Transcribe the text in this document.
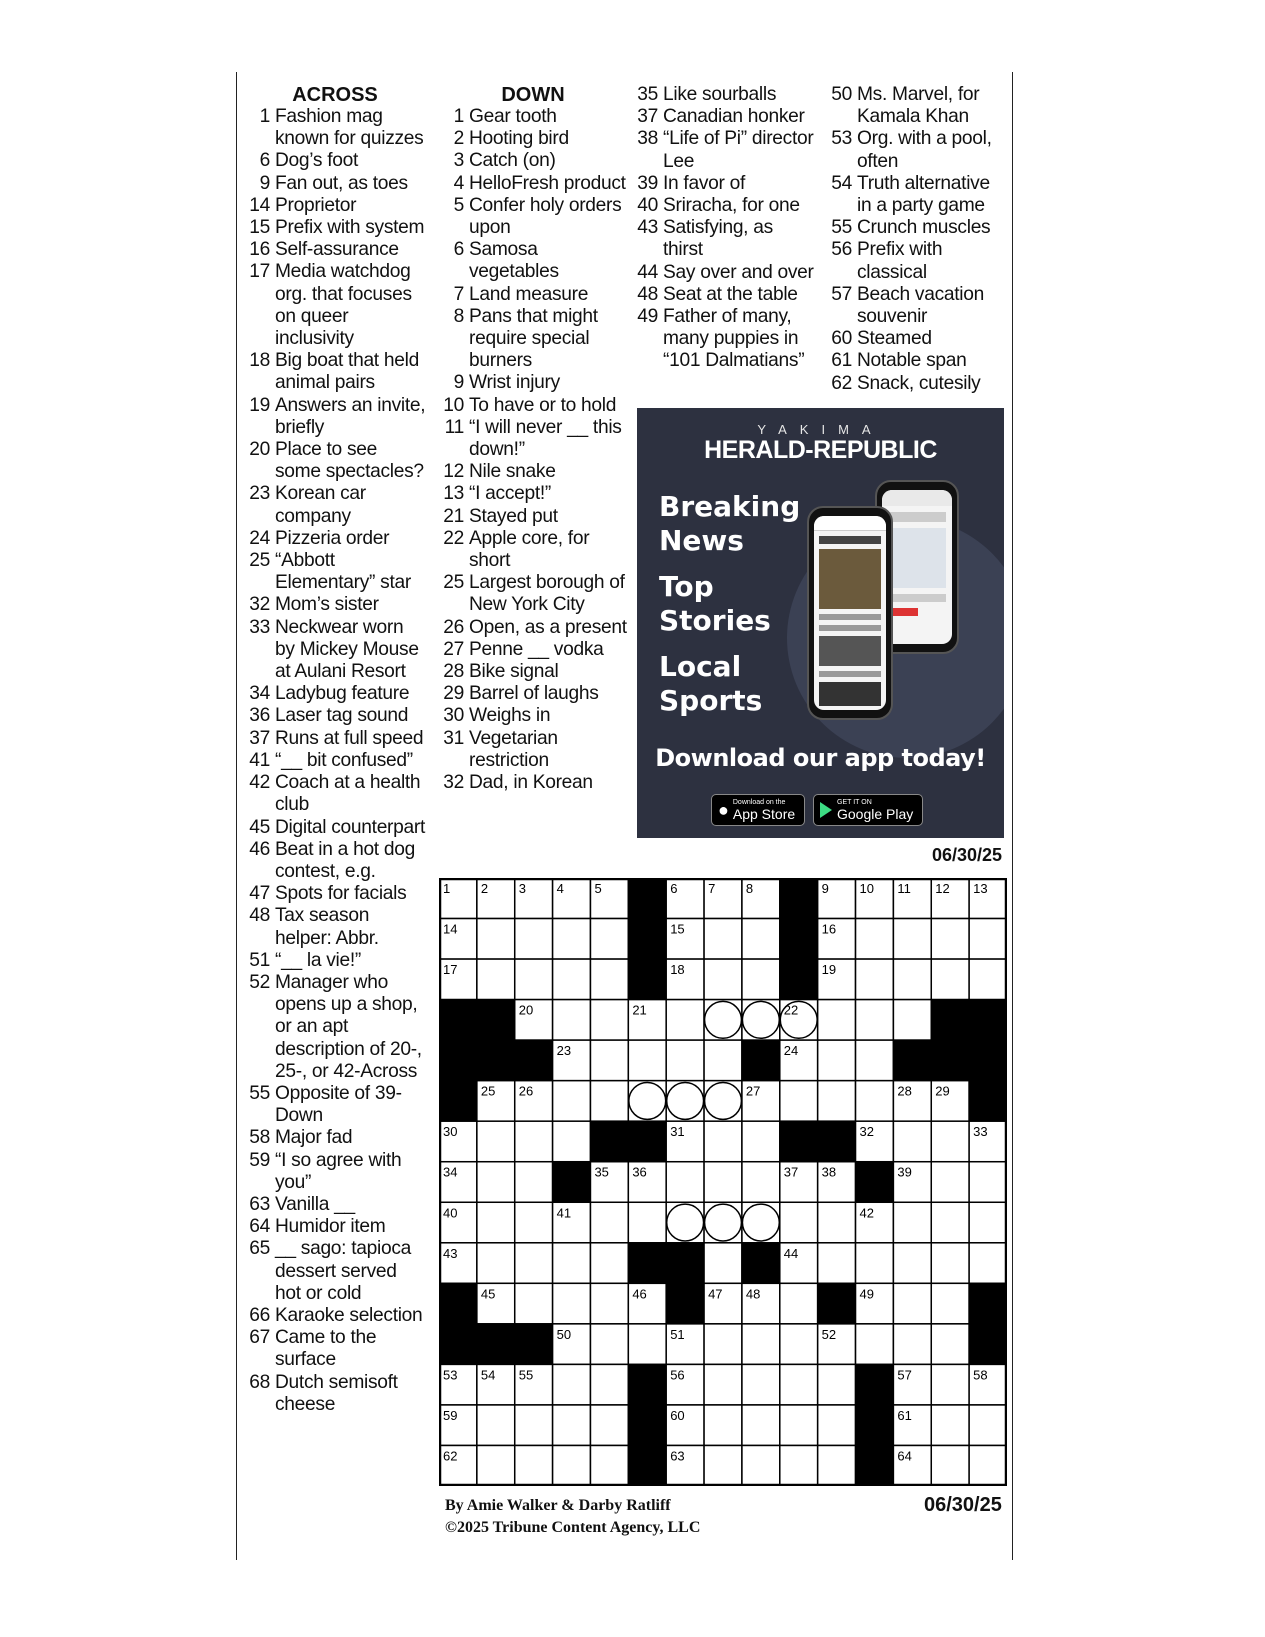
ACROSS
1 Fashion mag known for quizzes
6 Dog’s foot
9 Fan out, as toes
14 Proprietor
15 Prefix with system
16 Self-assurance
17 Media watchdog org. that focuses on queer inclusivity
18 Big boat that held animal pairs
19 Answers an invite, briefly
20 Place to see some spectacles?
23 Korean car company
24 Pizzeria order
25 “Abbott Elementary” star
32 Mom’s sister
33 Neckwear worn by Mickey Mouse at Aulani Resort
34 Ladybug feature
36 Laser tag sound
37 Runs at full speed
41 “__ bit confused”
42 Coach at a health club
45 Digital counterpart
46 Beat in a hot dog contest, e.g.
47 Spots for facials
48 Tax season helper: Abbr.
51 “__ la vie!”
52 Manager who opens up a shop, or an apt description of 20-, 25-, or 42-Across
55 Opposite of 39-Down
58 Major fad
59 “I so agree with you”
63 Vanilla __
64 Humidor item
65 __ sago: tapioca dessert served hot or cold
66 Karaoke selection
67 Came to the surface
68 Dutch semisoft cheese
DOWN
1 Gear tooth
2 Hooting bird
3 Catch (on)
4 HelloFresh product
5 Confer holy orders upon
6 Samosa vegetables
7 Land measure
8 Pans that might require special burners
9 Wrist injury
10 To have or to hold
11 “I will never __ this down!”
12 Nile snake
13 “I accept!”
21 Stayed put
22 Apple core, for short
25 Largest borough of New York City
26 Open, as a present
27 Penne __ vodka
28 Bike signal
29 Barrel of laughs
30 Weighs in
31 Vegetarian restriction
32 Dad, in Korean
35 Like sourballs
37 Canadian honker
38 “Life of Pi” director Lee
39 In favor of
40 Sriracha, for one
43 Satisfying, as thirst
44 Say over and over
48 Seat at the table
49 Father of many, many puppies in “101 Dalmatians”
50 Ms. Marvel, for Kamala Khan
53 Org. with a pool, often
54 Truth alternative in a party game
55 Crunch muscles
56 Prefix with classical
57 Beach vacation souvenir
60 Steamed
61 Notable span
62 Snack, cutesily
YAKIMA
HERALD-REPUBLIC
Breaking
News
Top
Stories
Local
Sports
Download our app today!
● Download on the
App Store
GET IT ON
Google Play
06/30/25
1 2 3 4 5	6 7 8	9 10 11 12 13
14	15	16
17	18	19
20	21	22
23	24
25 26	27	28 29
30	31	32	33
34	35 36	37 38	39
40	41	42
43	44
45	46	47 48	49
50	51	52
53 54 55	56	57	58
59	60	61
62	63	64
By Amie Walker & Darby Ratliff
©2025 Tribune Content Agency, LLC
06/30/25
